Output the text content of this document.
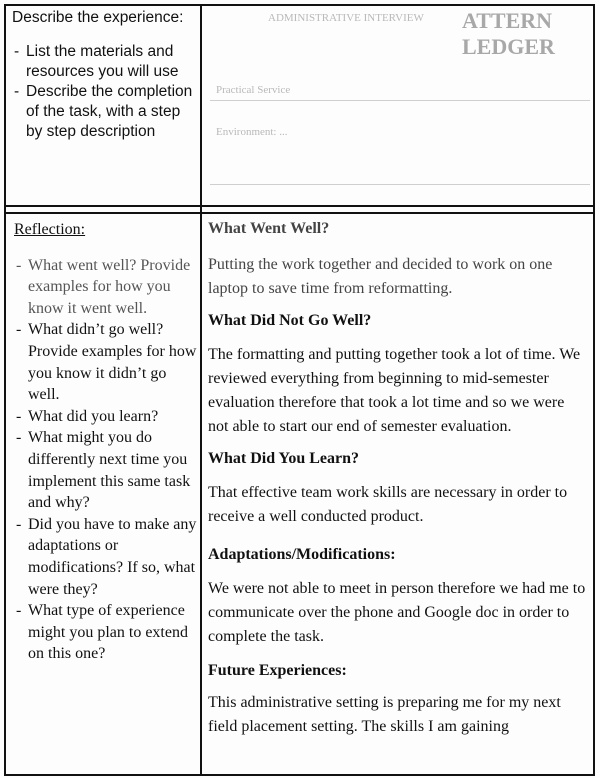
ATTERN
LEDGER
ADMINISTRATIVE INTERVIEW
Practical Service
Environment: ...
Describe the experience:
- List the materials and resources you will use
- Describe the completion of the task, with a step by step description
Reflection:
- What went well? Provide examples for how you know it went well.
- What didn’t go well? Provide examples for how you know it didn’t go well.
- What did you learn?
- What might you do differently next time you implement this same task and why?
- Did you have to make any adaptations or modifications? If so, what were they?
- What type of experience might you plan to extend on this one?
What Went Well?

Putting the work together and decided to work on one laptop to save time from reformatting.

What Did Not Go Well?

The formatting and putting together took a lot of time. We reviewed everything from beginning to mid-semester evaluation therefore that took a lot time and so we were not able to start our end of semester evaluation.

What Did You Learn?

That effective team work skills are necessary in order to receive a well conducted product.

Adaptations/Modifications:

We were not able to meet in person therefore we had me to communicate over the phone and Google doc in order to complete the task.

Future Experiences:

This administrative setting is preparing me for my next field placement setting. The skills I am gaining
